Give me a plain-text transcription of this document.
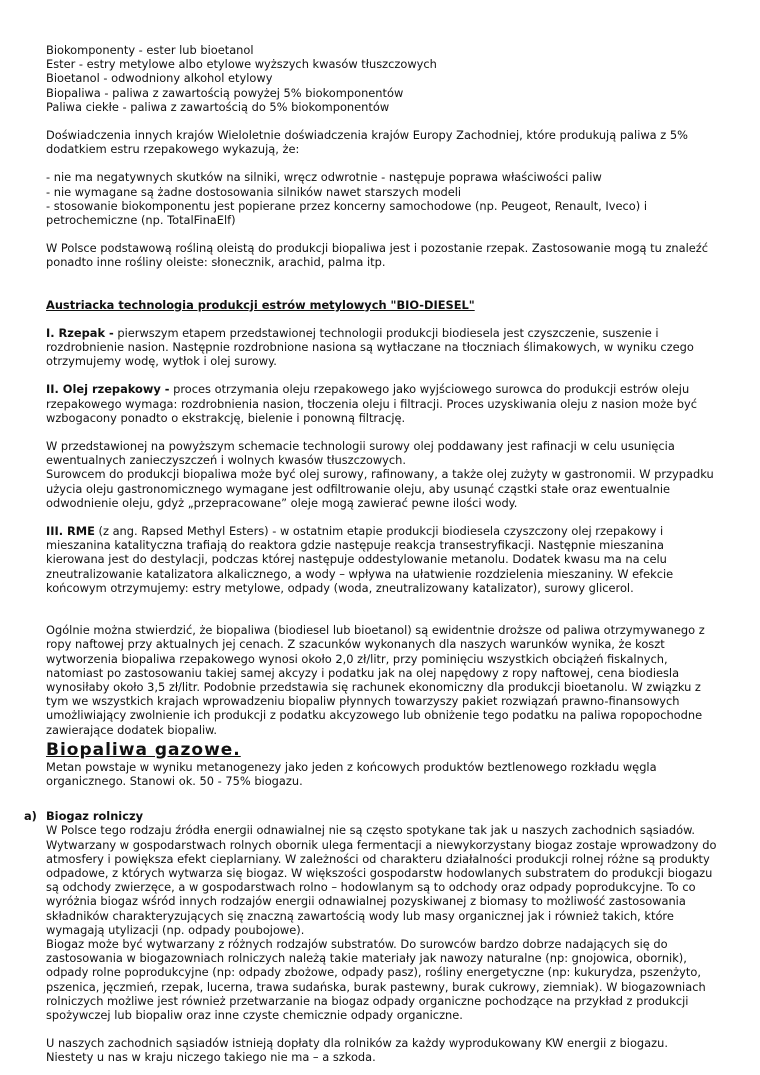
Biokomponenty - ester lub bioetanol

Ester - estry metylowe albo etylowe wyższych kwasów tłuszczowych

Bioetanol - odwodniony alkohol etylowy

Biopaliwa - paliwa z zawartością powyżej 5% biokomponentów

Paliwa ciekłe - paliwa z zawartością do 5% biokomponentów

Doświadczenia innych krajów Wieloletnie doświadczenia krajów Europy Zachodniej, które produkują paliwa z 5% dodatkiem estru rzepakowego wykazują, że:

- nie ma negatywnych skutków na silniki, wręcz odwrotnie - następuje poprawa właściwości paliw

- nie wymagane są żadne dostosowania silników nawet starszych modeli

- stosowanie biokomponentu jest popierane przez koncerny samochodowe (np. Peugeot, Renault, Iveco) i petrochemiczne (np. TotalFinaElf)

W Polsce podstawową rośliną oleistą do produkcji biopaliwa jest i pozostanie rzepak. Zastosowanie mogą tu znaleźć ponadto inne rośliny oleiste: słonecznik, arachid, palma itp.

Austriacka technologia produkcji estrów metylowych "BIO-DIESEL"

I. Rzepak - pierwszym etapem przedstawionej technologii produkcji biodiesela jest czyszczenie, suszenie i rozdrobnienie nasion. Następnie rozdrobnione nasiona są wytłaczane na tłoczniach ślimakowych, w wyniku czego otrzymujemy wodę, wytłok i olej surowy.

II. Olej rzepakowy - proces otrzymania oleju rzepakowego jako wyjściowego surowca do produkcji estrów oleju rzepakowego wymaga: rozdrobnienia nasion, tłoczenia oleju i filtracji. Proces uzyskiwania oleju z nasion może być wzbogacony ponadto o ekstrakcję, bielenie i ponowną filtrację.

W przedstawionej na powyższym schemacie technologii surowy olej poddawany jest rafinacji w celu usunięcia ewentualnych zanieczyszczeń i wolnych kwasów tłuszczowych.

Surowcem do produkcji biopaliwa może być olej surowy, rafinowany, a także olej zużyty w gastronomii. W przypadku użycia oleju gastronomicznego wymagane jest odfiltrowanie oleju, aby usunąć cząstki stałe oraz ewentualnie odwodnienie oleju, gdyż „przepracowane” oleje mogą zawierać pewne ilości wody.

III. RME (z ang. Rapsed Methyl Esters) - w ostatnim etapie produkcji biodiesela czyszczony olej rzepakowy i mieszanina katalityczna trafiają do reaktora gdzie następuje reakcja transestryfikacji. Następnie mieszanina kierowana jest do destylacji, podczas której następuje oddestylowanie metanolu. Dodatek kwasu ma na celu zneutralizowanie katalizatora alkalicznego, a wody – wpływa na ułatwienie rozdzielenia mieszaniny. W efekcie końcowym otrzymujemy: estry metylowe, odpady (woda, zneutralizowany katalizator), surowy glicerol.

Ogólnie można stwierdzić, że biopaliwa (biodiesel lub bioetanol) są ewidentnie droższe od paliwa otrzymywanego z ropy naftowej przy aktualnych jej cenach. Z szacunków wykonanych dla naszych warunków wynika, że koszt wytworzenia biopaliwa rzepakowego wynosi około 2,0 zł/litr, przy pominięciu wszystkich obciążeń fiskalnych, natomiast po zastosowaniu takiej samej akcyzy i podatku jak na olej napędowy z ropy naftowej, cena biodiesla wynosiłaby około 3,5 zł/litr. Podobnie przedstawia się rachunek ekonomiczny dla produkcji bioetanolu. W związku z tym we wszystkich krajach wprowadzeniu biopaliw płynnych towarzyszy pakiet rozwiązań prawno-finansowych umożliwiający zwolnienie ich produkcji z podatku akcyzowego lub obniżenie tego podatku na paliwa ropopochodne zawierające dodatek biopaliw.

Biopaliwa gazowe.

Metan powstaje w wyniku metanogenezy jako jeden z końcowych produktów beztlenowego rozkładu węgla organicznego. Stanowi ok. 50 - 75% biogazu.

a) Biogaz rolniczy

W Polsce tego rodzaju źródła energii odnawialnej nie są często spotykane tak jak u naszych zachodnich sąsiadów. Wytwarzany w gospodarstwach rolnych obornik ulega fermentacji a niewykorzystany biogaz zostaje wprowadzony do atmosfery i powiększa efekt cieplarniany. W zależności od charakteru działalności produkcji rolnej różne są produkty odpadowe, z których wytwarza się biogaz. W większości gospodarstw hodowlanych substratem do produkcji biogazu są odchody zwierzęce, a w gospodarstwach rolno – hodowlanym są to odchody oraz odpady poprodukcyjne. To co wyróżnia biogaz wśród innych rodzajów energii odnawialnej pozyskiwanej z biomasy to możliwość zastosowania składników charakteryzujących się znaczną zawartością wody lub masy organicznej jak i również takich, które wymagają utylizacji (np. odpady poubojowe).

Biogaz może być wytwarzany z różnych rodzajów substratów. Do surowców bardzo dobrze nadających się do zastosowania w biogazowniach rolniczych należą takie materiały jak nawozy naturalne (np: gnojowica, obornik), odpady rolne poprodukcyjne (np: odpady zbożowe, odpady pasz), rośliny energetyczne (np: kukurydza, pszenżyto, pszenica, jęczmień, rzepak, lucerna, trawa sudańska, burak pastewny, burak cukrowy, ziemniak). W biogazowniach rolniczych możliwe jest również przetwarzanie na biogaz odpady organiczne pochodzące na przykład z produkcji spożywczej lub biopaliw oraz inne czyste chemicznie odpady organiczne.

U naszych zachodnich sąsiadów istnieją dopłaty dla rolników za każdy wyprodukowany KW energii z biogazu. Niestety u nas w kraju niczego takiego nie ma – a szkoda.
